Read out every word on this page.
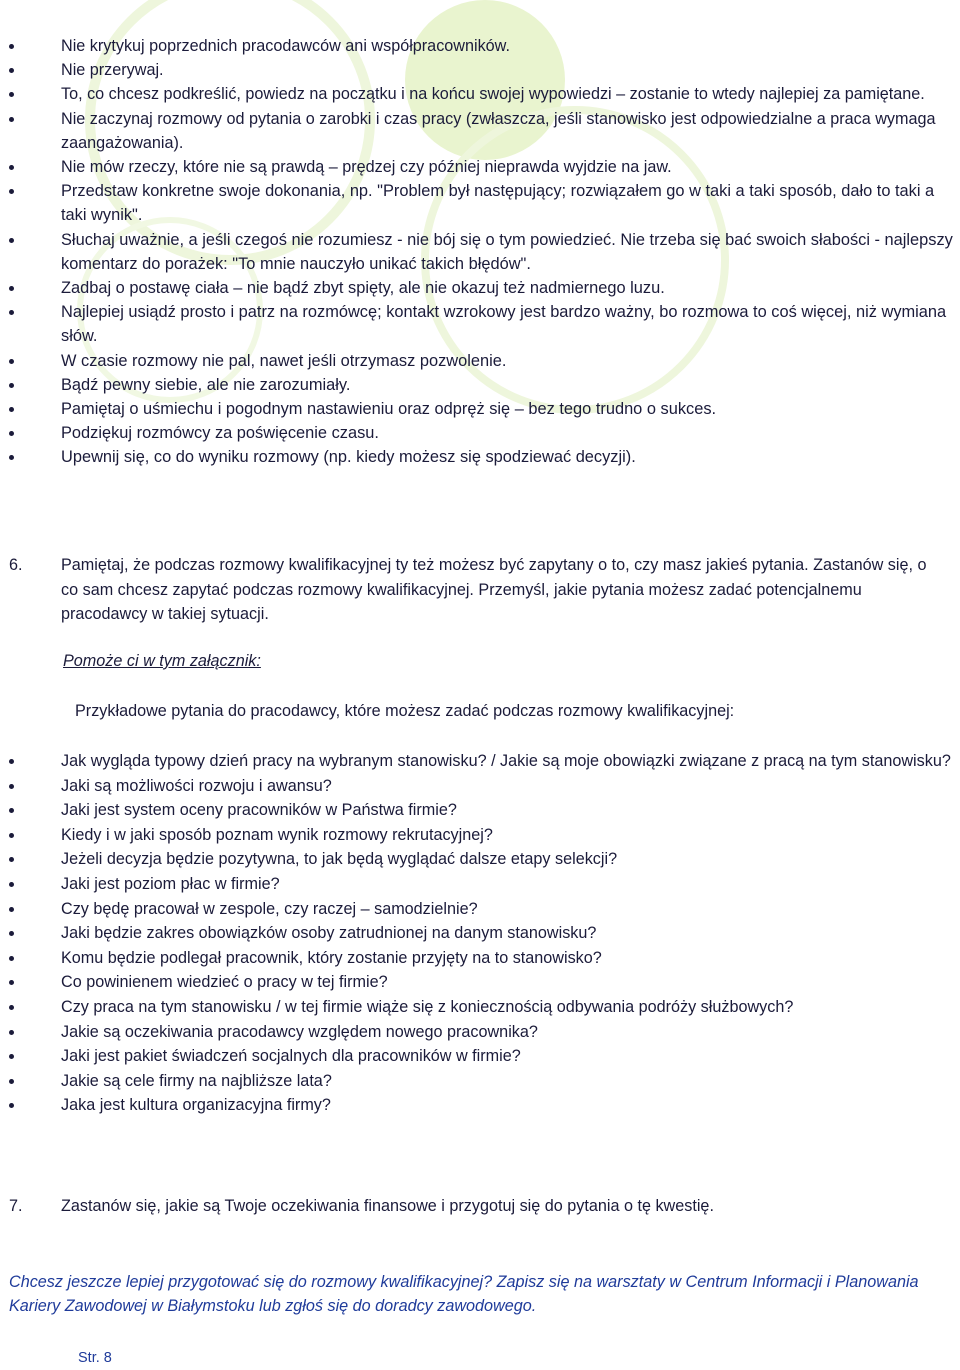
Nie krytykuj poprzednich pracodawców ani współpracowników.
Nie przerywaj.
To, co chcesz podkreślić, powiedz na początku i na końcu swojej wypowiedzi – zostanie to wtedy najlepiej za pamiętane.
Nie zaczynaj rozmowy od pytania o zarobki i czas pracy (zwłaszcza, jeśli stanowisko jest odpowiedzialne a praca wymaga zaangażowania).
Nie mów rzeczy, które nie są prawdą – prędzej czy później nieprawda wyjdzie na jaw.
Przedstaw konkretne swoje dokonania, np. "Problem był następujący; rozwiązałem go w taki a taki sposób, dało to taki a taki wynik".
Słuchaj uważnie, a jeśli czegoś nie rozumiesz - nie bój się o tym powiedzieć. Nie trzeba się bać swoich słabości - najlepszy komentarz do porażek: "To mnie nauczyło unikać takich błędów".
Zadbaj o postawę ciała – nie bądź zbyt spięty, ale nie okazuj też nadmiernego luzu.
Najlepiej usiądź prosto i patrz na rozmówcę; kontakt wzrokowy jest bardzo ważny, bo rozmowa to coś więcej, niż wymiana słów.
W czasie rozmowy nie pal, nawet jeśli otrzymasz pozwolenie.
Bądź pewny siebie, ale nie zarozumiały.
Pamiętaj o uśmiechu i pogodnym nastawieniu oraz odpręż się – bez tego trudno o sukces.
Podziękuj rozmówcy za poświęcenie czasu.
Upewnij się, co do wyniku rozmowy (np. kiedy możesz się spodziewać decyzji).
6. Pamiętaj, że podczas rozmowy kwalifikacyjnej ty też możesz być zapytany o to, czy masz jakieś pytania. Zastanów się, o co sam chcesz zapytać podczas rozmowy kwalifikacyjnej. Przemyśl, jakie pytania możesz zadać potencjalnemu pracodawcy w takiej sytuacji.
Pomoże ci w tym załącznik:
Przykładowe pytania do pracodawcy, które możesz zadać podczas rozmowy kwalifikacyjnej:
Jak wygląda typowy dzień pracy na wybranym stanowisku? / Jakie są moje obowiązki związane z pracą na tym stanowisku?
Jaki są możliwości rozwoju i awansu?
Jaki jest system oceny pracowników w Państwa firmie?
Kiedy i w jaki sposób poznam wynik rozmowy rekrutacyjnej?
Jeżeli decyzja będzie pozytywna, to jak będą wyglądać dalsze etapy selekcji?
Jaki jest poziom płac w firmie?
Czy będę pracował w zespole, czy raczej – samodzielnie?
Jaki będzie zakres obowiązków osoby zatrudnionej na danym stanowisku?
Komu będzie podlegał pracownik, który zostanie przyjęty na to stanowisko?
Co powinienem wiedzieć o pracy w tej firmie?
Czy praca na tym stanowisku / w tej firmie wiąże się z koniecznością odbywania podróży służbowych?
Jakie są oczekiwania pracodawcy względem nowego pracownika?
Jaki jest pakiet świadczeń socjalnych dla pracowników w firmie?
Jakie są cele firmy na najbliższe lata?
Jaka jest kultura organizacyjna firmy?
7. Zastanów się, jakie są Twoje oczekiwania finansowe i przygotuj się do pytania o tę kwestię.
Chcesz jeszcze lepiej przygotować się do rozmowy kwalifikacyjnej? Zapisz się na warsztaty w Centrum Informacji i Planowania Kariery Zawodowej w Białymstoku lub zgłoś się do doradcy zawodowego.
Str. 8
